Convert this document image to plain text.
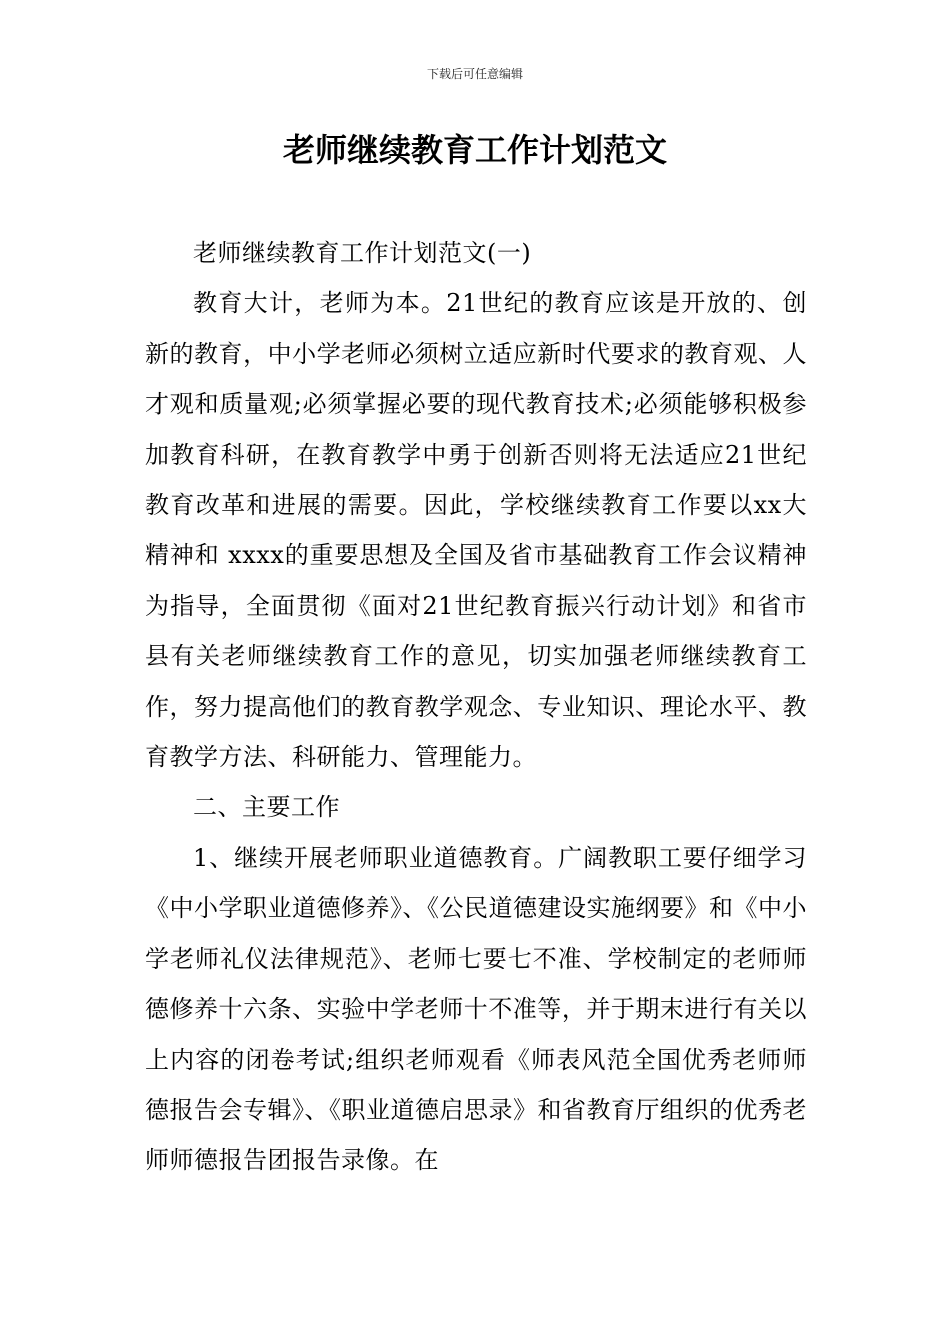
下载后可任意编辑
老师继续教育工作计划范文

老师继续教育工作计划范文(一)

教育大计，老师为本。21世纪的教育应该是开放的、创新的教育，中小学老师必须树立适应新时代要求的教育观、人才观和质量观;必须掌握必要的现代教育技术;必须能够积极参加教育科研，在教育教学中勇于创新否则将无法适应21世纪教育改革和进展的需要。因此，学校继续教育工作要以xx大精神和 xxxx的重要思想及全国及省市基础教育工作会议精神为指导，全面贯彻《面对21世纪教育振兴行动计划》和省市县有关老师继续教育工作的意见，切实加强老师继续教育工作，努力提高他们的教育教学观念、专业知识、理论水平、教育教学方法、科研能力、管理能力。

二、主要工作

1、继续开展老师职业道德教育。广阔教职工要仔细学习《中小学职业道德修养》、《公民道德建设实施纲要》和《中小学老师礼仪法律规范》、老师七要七不准、学校制定的老师师德修养十六条、实验中学老师十不准等，并于期末进行有关以上内容的闭卷考试;组织老师观看《师表风范全国优秀老师师德报告会专辑》、《职业道德启思录》和省教育厅组织的优秀老师师德报告团报告录像。在
